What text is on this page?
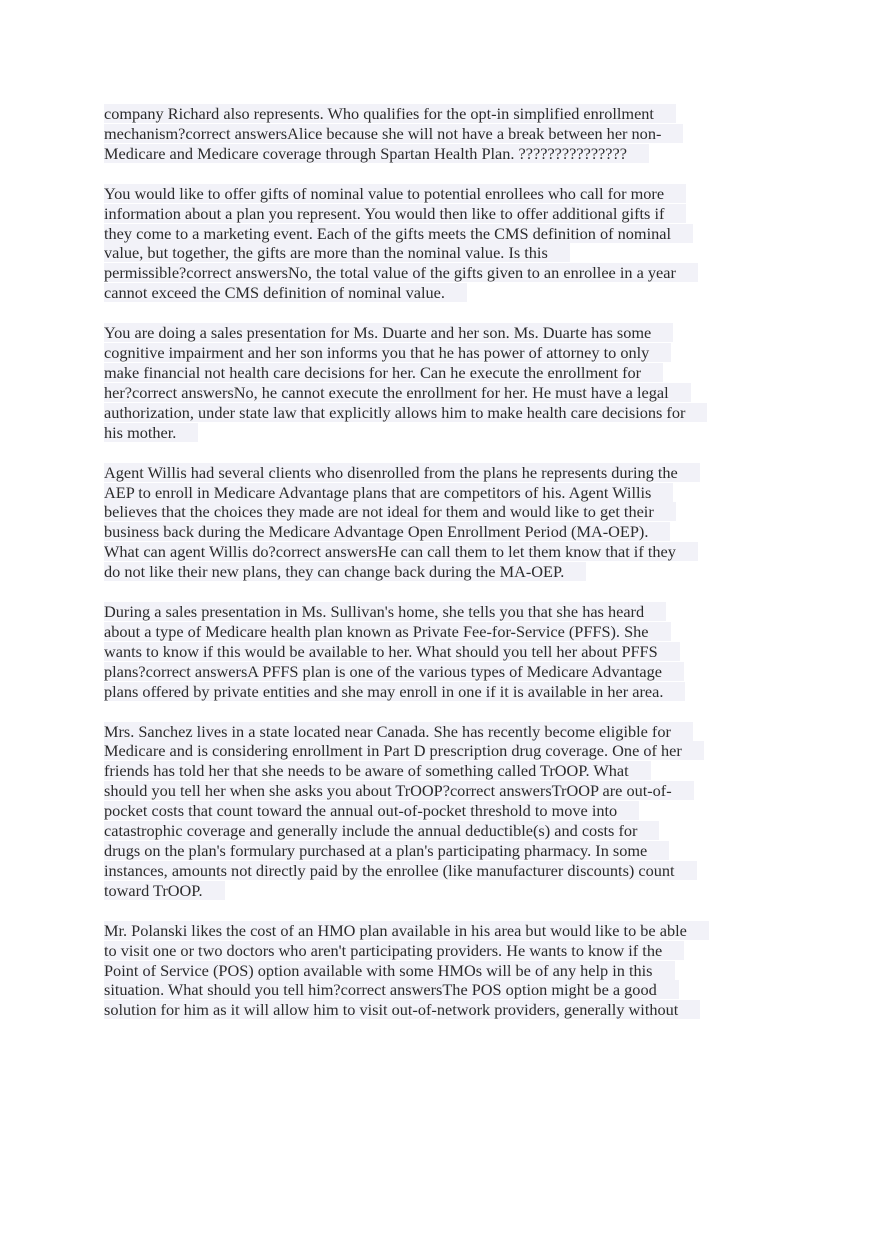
company Richard also represents. Who qualifies for the opt-in simplified enrollment
mechanism?correct answersAlice because she will not have a break between her non-
Medicare and Medicare coverage through Spartan Health Plan. ???????????????
You would like to offer gifts of nominal value to potential enrollees who call for more
information about a plan you represent. You would then like to offer additional gifts if
they come to a marketing event. Each of the gifts meets the CMS definition of nominal
value, but together, the gifts are more than the nominal value. Is this
permissible?correct answersNo, the total value of the gifts given to an enrollee in a year
cannot exceed the CMS definition of nominal value.
You are doing a sales presentation for Ms. Duarte and her son. Ms. Duarte has some
cognitive impairment and her son informs you that he has power of attorney to only
make financial not health care decisions for her. Can he execute the enrollment for
her?correct answersNo, he cannot execute the enrollment for her. He must have a legal
authorization, under state law that explicitly allows him to make health care decisions for
his mother.
Agent Willis had several clients who disenrolled from the plans he represents during the
AEP to enroll in Medicare Advantage plans that are competitors of his. Agent Willis
believes that the choices they made are not ideal for them and would like to get their
business back during the Medicare Advantage Open Enrollment Period (MA-OEP).
What can agent Willis do?correct answersHe can call them to let them know that if they
do not like their new plans, they can change back during the MA-OEP.
During a sales presentation in Ms. Sullivan's home, she tells you that she has heard
about a type of Medicare health plan known as Private Fee-for-Service (PFFS). She
wants to know if this would be available to her. What should you tell her about PFFS
plans?correct answersA PFFS plan is one of the various types of Medicare Advantage
plans offered by private entities and she may enroll in one if it is available in her area.
Mrs. Sanchez lives in a state located near Canada. She has recently become eligible for
Medicare and is considering enrollment in Part D prescription drug coverage. One of her
friends has told her that she needs to be aware of something called TrOOP. What
should you tell her when she asks you about TrOOP?correct answersTrOOP are out-of-
pocket costs that count toward the annual out-of-pocket threshold to move into
catastrophic coverage and generally include the annual deductible(s) and costs for
drugs on the plan's formulary purchased at a plan's participating pharmacy. In some
instances, amounts not directly paid by the enrollee (like manufacturer discounts) count
toward TrOOP.
Mr. Polanski likes the cost of an HMO plan available in his area but would like to be able
to visit one or two doctors who aren't participating providers. He wants to know if the
Point of Service (POS) option available with some HMOs will be of any help in this
situation. What should you tell him?correct answersThe POS option might be a good
solution for him as it will allow him to visit out-of-network providers, generally without
